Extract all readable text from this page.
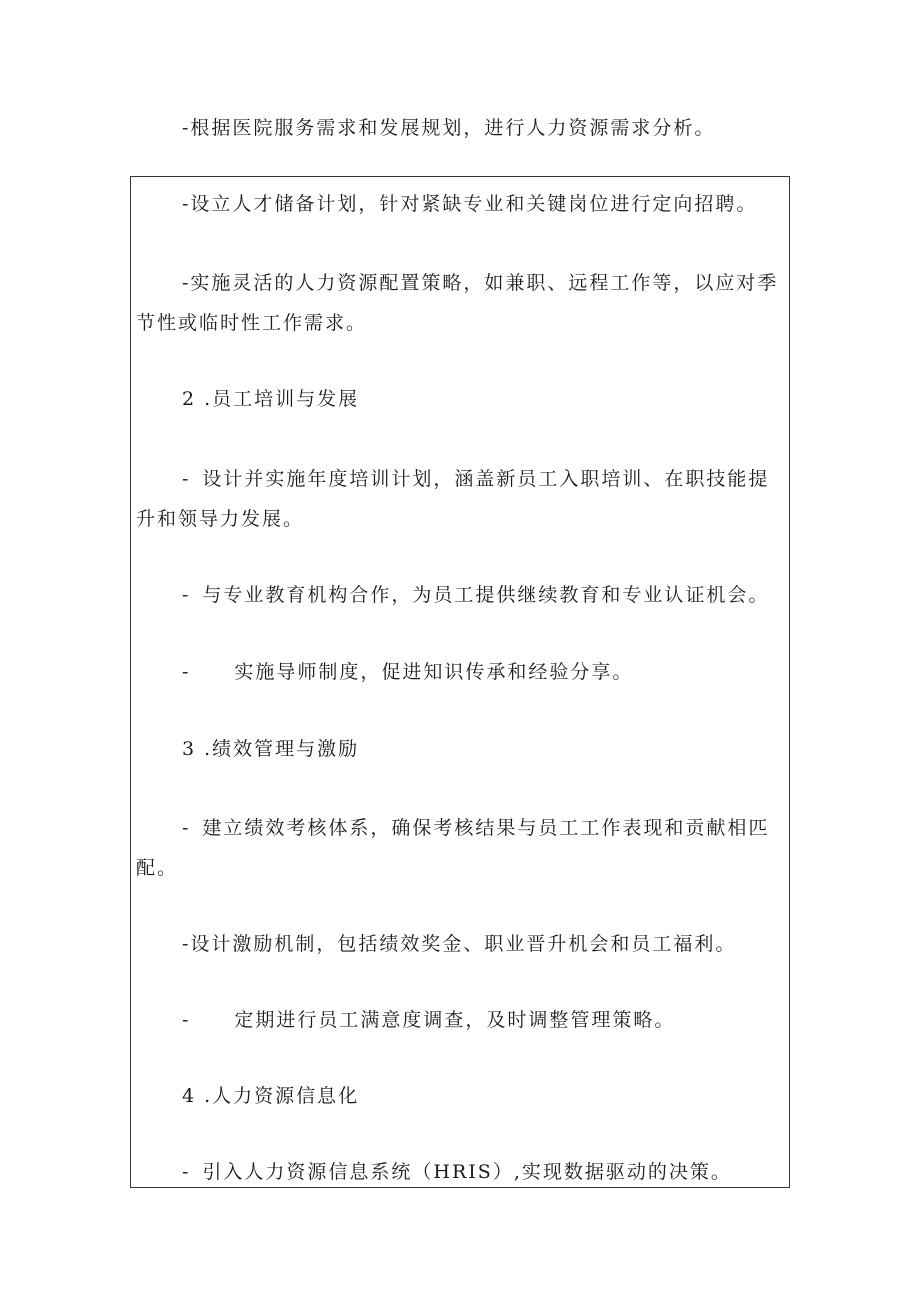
-根据医院服务需求和发展规划，进行人力资源需求分析。
-设立人才储备计划，针对紧缺专业和关键岗位进行定向招聘。
-实施灵活的人力资源配置策略，如兼职、远程工作等，以应对季节性或临时性工作需求。
2 .员工培训与发展
- 设计并实施年度培训计划，涵盖新员工入职培训、在职技能提升和领导力发展。
- 与专业教育机构合作，为员工提供继续教育和专业认证机会。
- 实施导师制度，促进知识传承和经验分享。
3 .绩效管理与激励
- 建立绩效考核体系，确保考核结果与员工工作表现和贡献相匹配。
-设计激励机制，包括绩效奖金、职业晋升机会和员工福利。
- 定期进行员工满意度调查，及时调整管理策略。
4 .人力资源信息化
- 引入人力资源信息系统（HRIS）,实现数据驱动的决策。
